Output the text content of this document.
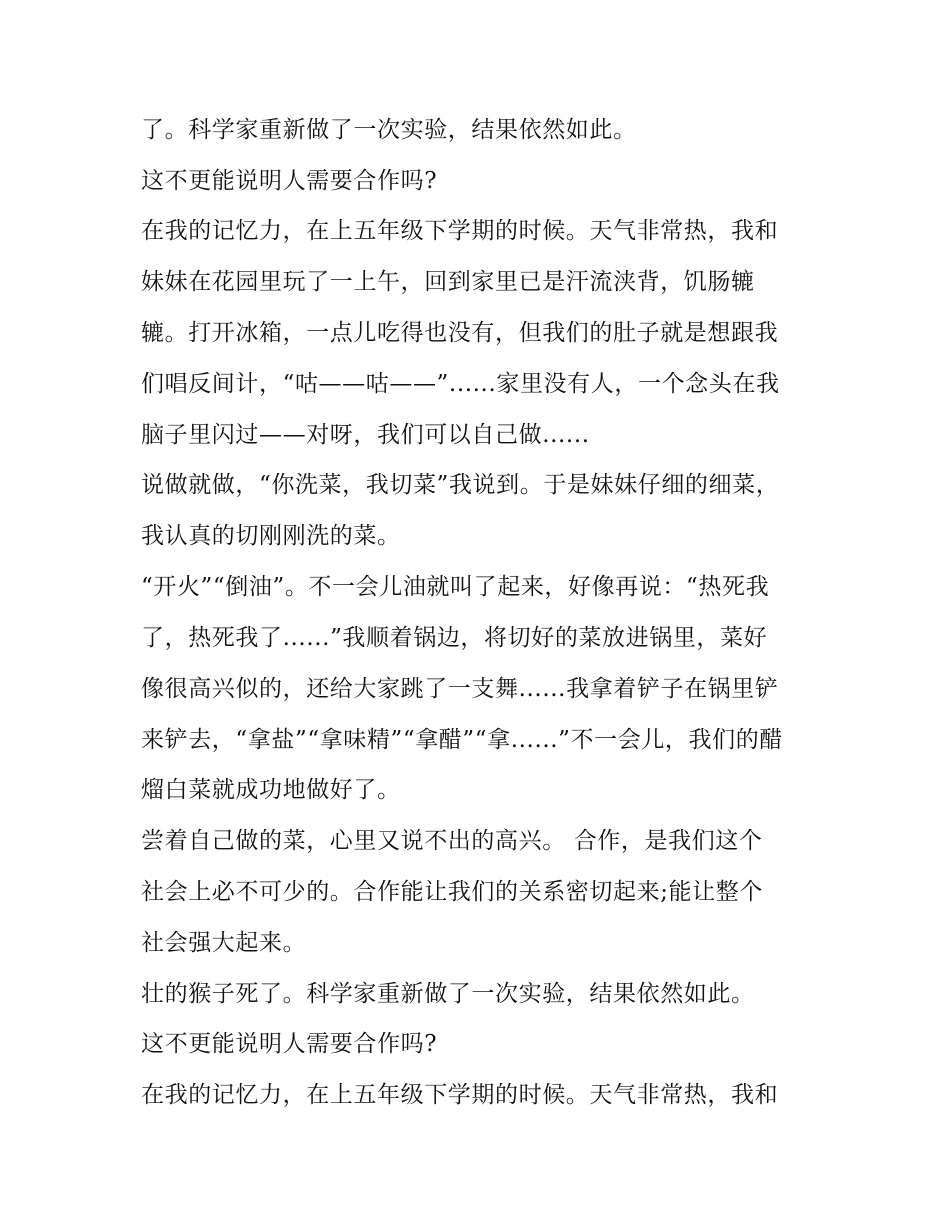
了。科学家重新做了一次实验，结果依然如此。
这不更能说明人需要合作吗?
在我的记忆力，在上五年级下学期的时候。天气非常热，我和
妹妹在花园里玩了一上午，回到家里已是汗流浃背，饥肠辘
辘。打开冰箱，一点儿吃得也没有，但我们的肚子就是想跟我
们唱反间计，“咕——咕——”......家里没有人，一个念头在我
脑子里闪过——对呀，我们可以自己做......
说做就做，“你洗菜，我切菜”我说到。于是妹妹仔细的细菜，
我认真的切刚刚洗的菜。
“开火”“倒油”。不一会儿油就叫了起来，好像再说：“热死我
了，热死我了......”我顺着锅边，将切好的菜放进锅里，菜好
像很高兴似的，还给大家跳了一支舞......我拿着铲子在锅里铲
来铲去，“拿盐”“拿味精”“拿醋”“拿......”不一会儿，我们的醋
熘白菜就成功地做好了。
尝着自己做的菜，心里又说不出的高兴。 合作，是我们这个
社会上必不可少的。合作能让我们的关系密切起来;能让整个
社会强大起来。
壮的猴子死了。科学家重新做了一次实验，结果依然如此。
这不更能说明人需要合作吗?
在我的记忆力，在上五年级下学期的时候。天气非常热，我和
